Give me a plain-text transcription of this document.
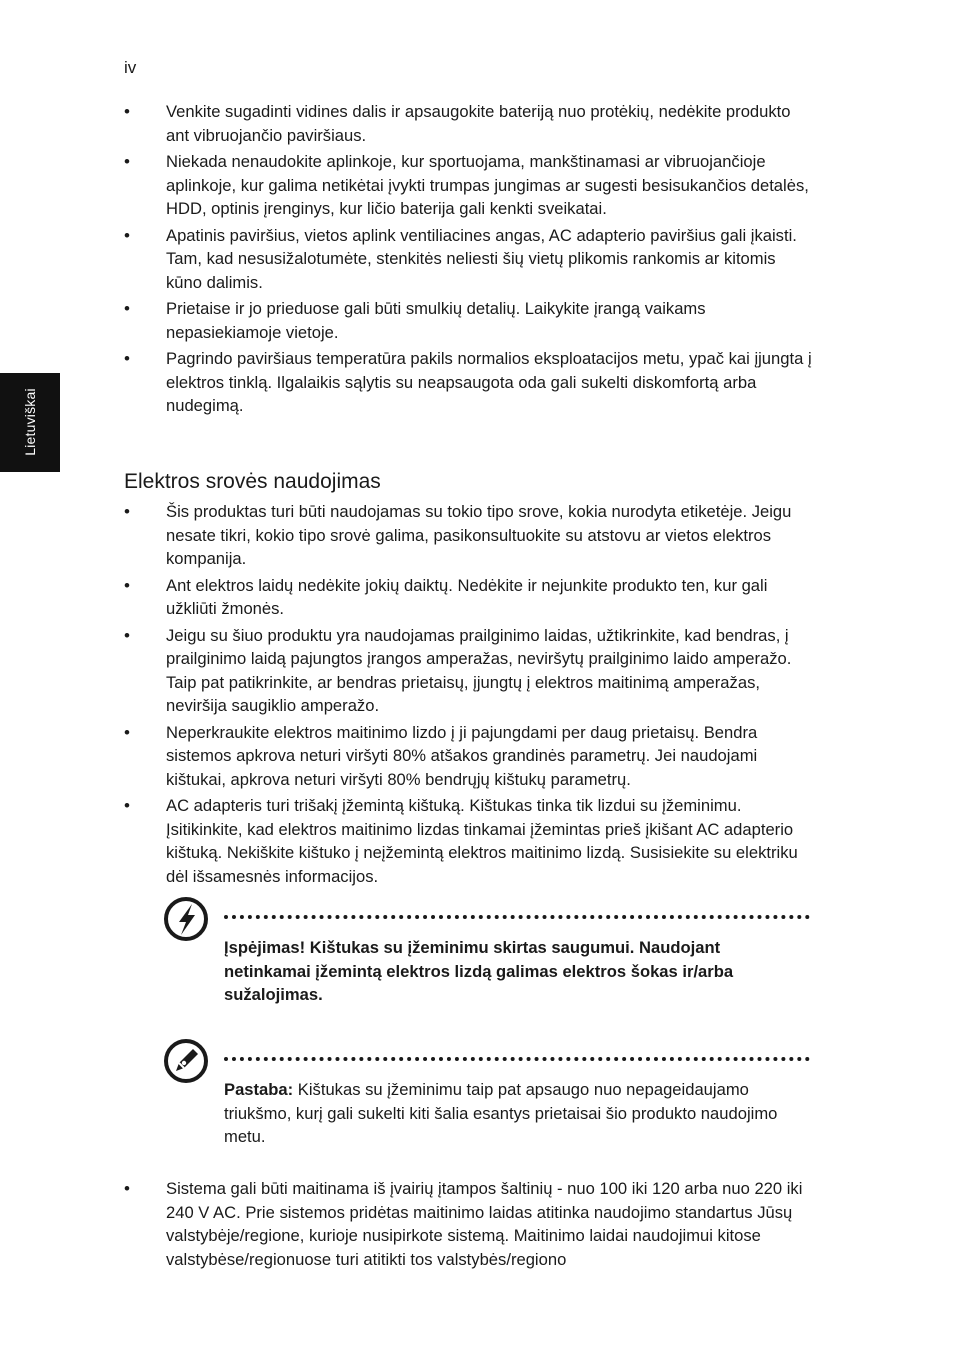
iv
Lietuviškai
• Venkite sugadinti vidines dalis ir apsaugokite bateriją nuo protėkių, nedėkite produkto ant vibruojančio paviršiaus.
• Niekada nenaudokite aplinkoje, kur sportuojama, mankštinamasi ar vibruojančioje aplinkoje, kur galima netikėtai įvykti trumpas jungimas ar sugesti besisukančios detalės, HDD, optinis įrenginys, kur ličio baterija gali kenkti sveikatai.
• Apatinis paviršius, vietos aplink ventiliacines angas, AC adapterio paviršius gali įkaisti. Tam, kad nesusižalotumėte, stenkitės neliesti šių vietų plikomis rankomis ar kitomis kūno dalimis.
• Prietaise ir jo prieduose gali būti smulkių detalių. Laikykite įrangą vaikams nepasiekiamoje vietoje.
• Pagrindo paviršiaus temperatūra pakils normalios eksploatacijos metu, ypač kai įjungta į elektros tinklą. Ilgalaikis sąlytis su neapsaugota oda gali sukelti diskomfortą arba nudegimą.
Elektros srovės naudojimas
• Šis produktas turi būti naudojamas su tokio tipo srove, kokia nurodyta etiketėje. Jeigu nesate tikri, kokio tipo srovė galima, pasikonsultuokite su atstovu ar vietos elektros kompanija.
• Ant elektros laidų nedėkite jokių daiktų. Nedėkite ir nejunkite produkto ten, kur gali užkliūti žmonės.
• Jeigu su šiuo produktu yra naudojamas prailginimo laidas, užtikrinkite, kad bendras, į prailginimo laidą pajungtos įrangos amperažas, neviršytų prailginimo laido amperažo. Taip pat patikrinkite, ar bendras prietaisų, įjungtų į elektros maitinimą amperažas, neviršija saugiklio amperažo.
• Neperkraukite elektros maitinimo lizdo į ji pajungdami per daug prietaisų. Bendra sistemos apkrova neturi viršyti 80% atšakos grandinės parametrų. Jei naudojami kištukai, apkrova neturi viršyti 80% bendrųjų kištukų parametrų.
• AC adapteris turi trišakį įžemintą kištuką. Kištukas tinka tik lizdui su įžeminimu. Įsitikinkite, kad elektros maitinimo lizdas tinkamai įžemintas prieš įkišant AC adapterio kištuką. Nekiškite kištuko į neįžemintą elektros maitinimo lizdą. Susisiekite su elektriku dėl išsamesnės informacijos.
Įspėjimas! Kištukas su įžeminimu skirtas saugumui. Naudojant netinkamai įžemintą elektros lizdą galimas elektros šokas ir/arba sužalojimas.
Pastaba: Kištukas su įžeminimu taip pat apsaugo nuo nepageidaujamo triukšmo, kurį gali sukelti kiti šalia esantys prietaisai šio produkto naudojimo metu.
• Sistema gali būti maitinama iš įvairių įtampos šaltinių - nuo 100 iki 120 arba nuo 220 iki 240 V AC. Prie sistemos pridėtas maitinimo laidas atitinka naudojimo standartus Jūsų valstybėje/regione, kurioje nusipirkote sistemą. Maitinimo laidai naudojimui kitose valstybėse/regionuose turi atitikti tos valstybės/regiono
